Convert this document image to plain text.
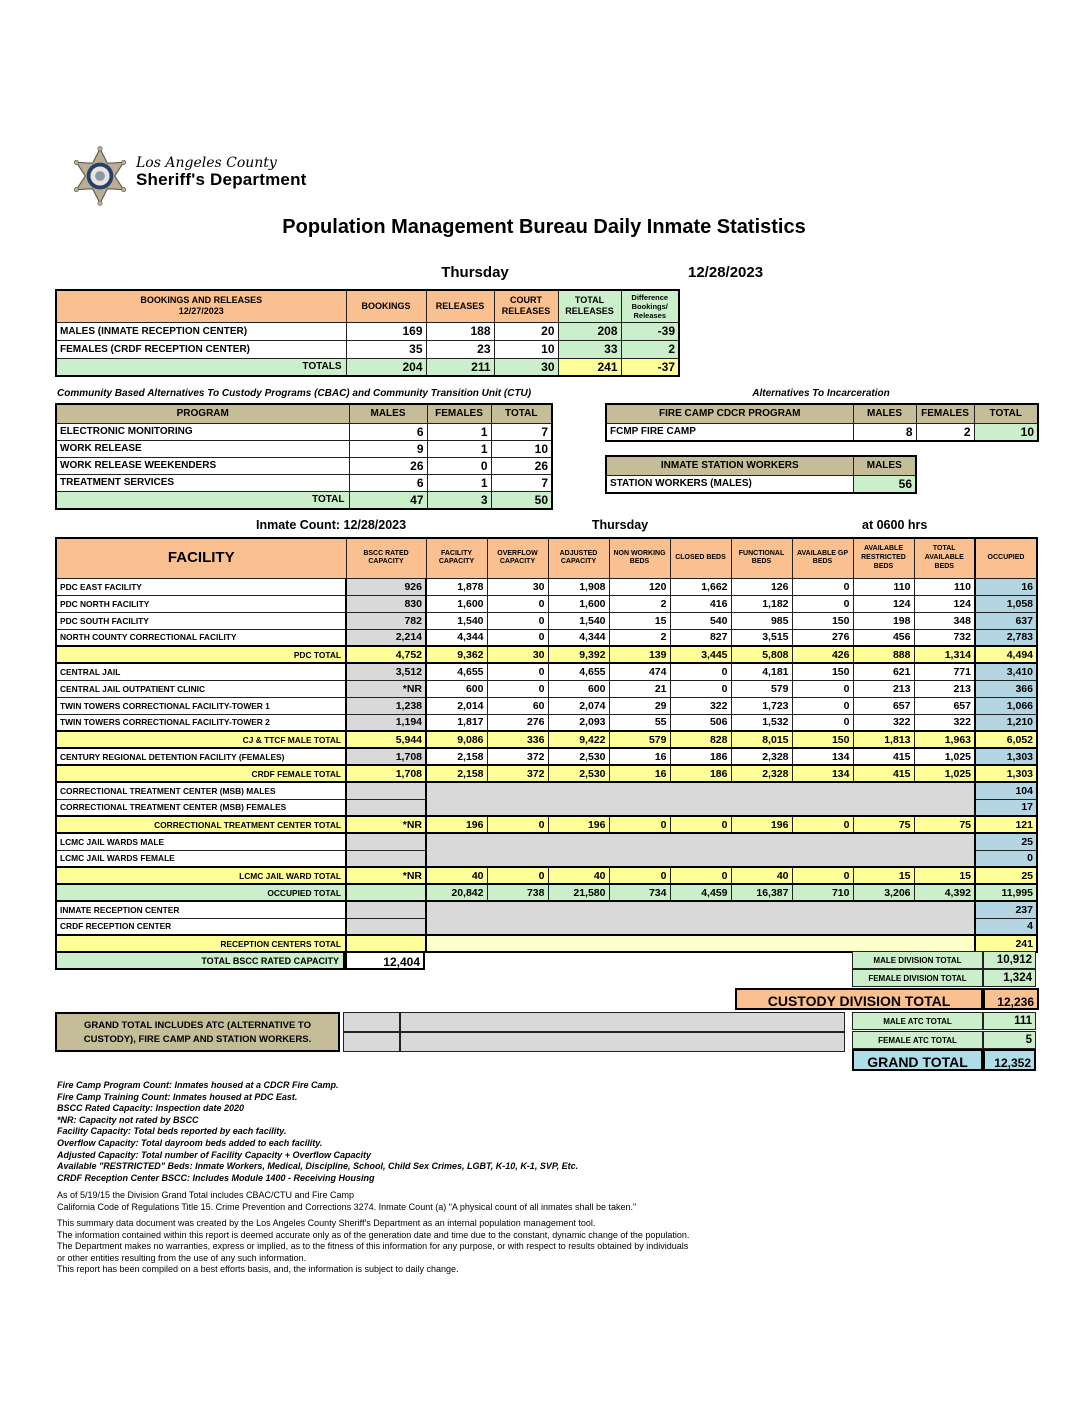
Los Angeles County
Sheriff's Department
Population Management Bureau Daily Inmate Statistics
Thursday	12/28/2023
BOOKINGS AND RELEASES
12/27/2023	BOOKINGS	RELEASES	COURT RELEASES	TOTAL RELEASES	Difference Bookings/ Releases
MALES (INMATE RECEPTION CENTER)	169	188	20	208	-39
FEMALES (CRDF RECEPTION CENTER)	35	23	10	33	2
TOTALS	204	211	30	241	-37
Community Based Alternatives To Custody Programs (CBAC) and Community Transition Unit (CTU)
PROGRAM	MALES	FEMALES	TOTAL
ELECTRONIC MONITORING	6	1	7
WORK RELEASE	9	1	10
WORK RELEASE WEEKENDERS	26	0	26
TREATMENT SERVICES	6	1	7
TOTAL	47	3	50
Alternatives To Incarceration
FIRE CAMP CDCR PROGRAM	MALES	FEMALES	TOTAL
FCMP FIRE CAMP	8	2	10
INMATE STATION WORKERS	MALES
STATION WORKERS (MALES)	56
Inmate Count: 12/28/2023	Thursday	at 0600 hrs
FACILITY	BSCC RATED CAPACITY	FACILITY CAPACITY	OVERFLOW CAPACITY	ADJUSTED CAPACITY	NON WORKING BEDS	CLOSED BEDS	FUNCTIONAL BEDS	AVAILABLE GP BEDS	AVAILABLE RESTRICTED BEDS	TOTAL AVAILABLE BEDS	OCCUPIED
PDC EAST FACILITY	926	1,878	30	1,908	120	1,662	126	0	110	110	16
PDC NORTH FACILITY	830	1,600	0	1,600	2	416	1,182	0	124	124	1,058
PDC SOUTH FACILITY	782	1,540	0	1,540	15	540	985	150	198	348	637
NORTH COUNTY CORRECTIONAL FACILITY	2,214	4,344	0	4,344	2	827	3,515	276	456	732	2,783
PDC TOTAL	4,752	9,362	30	9,392	139	3,445	5,808	426	888	1,314	4,494
CENTRAL JAIL	3,512	4,655	0	4,655	474	0	4,181	150	621	771	3,410
CENTRAL JAIL OUTPATIENT CLINIC	*NR	600	0	600	21	0	579	0	213	213	366
TWIN TOWERS CORRECTIONAL FACILITY-TOWER 1	1,238	2,014	60	2,074	29	322	1,723	0	657	657	1,066
TWIN TOWERS CORRECTIONAL FACILITY-TOWER 2	1,194	1,817	276	2,093	55	506	1,532	0	322	322	1,210
CJ & TTCF MALE TOTAL	5,944	9,086	336	9,422	579	828	8,015	150	1,813	1,963	6,052
CENTURY REGIONAL DETENTION FACILITY (FEMALES)	1,708	2,158	372	2,530	16	186	2,328	134	415	1,025	1,303
CRDF FEMALE TOTAL	1,708	2,158	372	2,530	16	186	2,328	134	415	1,025	1,303
CORRECTIONAL TREATMENT CENTER (MSB) MALES											104
CORRECTIONAL TREATMENT CENTER (MSB) FEMALES											17
CORRECTIONAL TREATMENT CENTER TOTAL	*NR	196	0	196	0	0	196	0	75	75	121
LCMC JAIL WARDS MALE											25
LCMC JAIL WARDS FEMALE											0
LCMC JAIL WARD TOTAL	*NR	40	0	40	0	0	40	0	15	15	25
OCCUPIED TOTAL		20,842	738	21,580	734	4,459	16,387	710	3,206	4,392	11,995
INMATE RECEPTION CENTER											237
CRDF RECEPTION CENTER											4
RECEPTION CENTERS TOTAL											241
TOTAL BSCC RATED CAPACITY	12,404	MALE DIVISION TOTAL	10,912
FEMALE DIVISION TOTAL	1,324
CUSTODY DIVISION TOTAL	12,236
GRAND TOTAL INCLUDES ATC (ALTERNATIVE TO CUSTODY), FIRE CAMP AND STATION WORKERS.
MALE ATC TOTAL	111
FEMALE ATC TOTAL	5
GRAND TOTAL	12,352
Fire Camp Program Count: Inmates housed at a CDCR Fire Camp.
Fire Camp Training Count: Inmates housed at PDC East.
BSCC Rated Capacity: Inspection date 2020
*NR: Capacity not rated by BSCC
Facility Capacity: Total beds reported by each facility.
Overflow Capacity: Total dayroom beds added to each facility.
Adjusted Capacity: Total number of Facility Capacity + Overflow Capacity
Available "RESTRICTED" Beds: Inmate Workers, Medical, Discipline, School, Child Sex Crimes, LGBT, K-10, K-1, SVP, Etc.
CRDF Reception Center BSCC: Includes Module 1400 - Receiving Housing
As of 5/19/15 the Division Grand Total includes CBAC/CTU and Fire Camp
California Code of Regulations Title 15. Crime Prevention and Corrections 3274. Inmate Count (a) "A physical count of all inmates shall be taken."
This summary data document was created by the Los Angeles County Sheriff's Department as an internal population management tool.
The information contained within this report is deemed accurate only as of the generation date and time due to the constant, dynamic change of the population.
The Department makes no warranties, express or implied, as to the fitness of this information for any purpose, or with respect to results obtained by individuals
or other entities resulting from the use of any such information.
This report has been compiled on a best efforts basis, and, the information is subject to daily change.
